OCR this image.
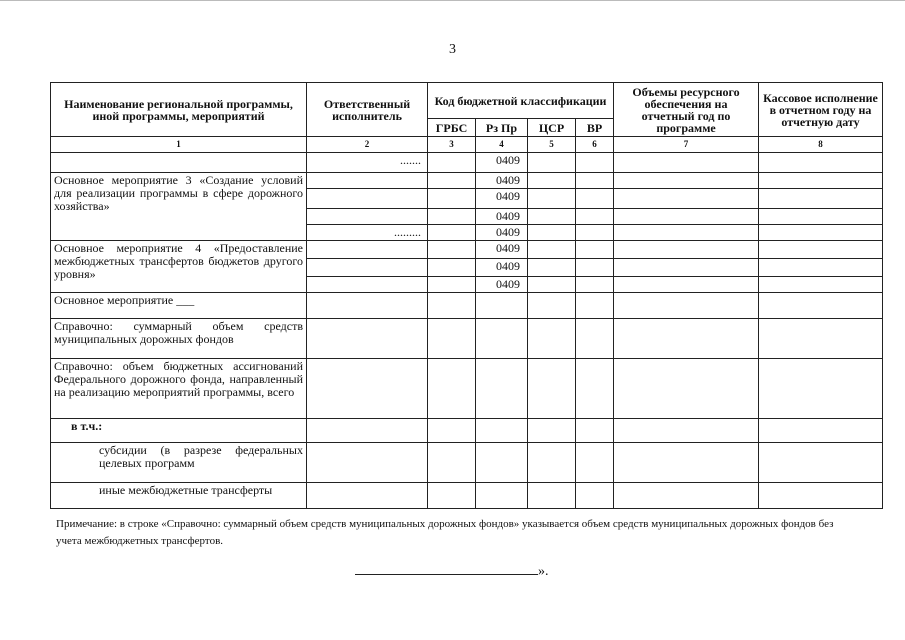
3
Наименование региональной программы, иной программы, мероприятий	Ответственный исполнитель	Код бюджетной классификации				Объемы ресурсного обеспечения на отчетный год по программе	Кассовое исполнение в отчетном году на отчетную дату
		ГРБС	Рз Пр	ЦСР	ВР		
1	2	3	4	5	6	7	8
	.......		0409				
Основное мероприятие 3 «Создание условий для реализации программы в сфере дорожного хозяйства»			0409				
			0409				
			0409				
	.........		0409				
Основное мероприятие 4 «Предоставление межбюджетных трансфертов бюджетов другого уровня»			0409				
			0409				
			0409				
Основное мероприятие ___							
Справочно: суммарный объем средств муниципальных дорожных фондов							
Справочно: объем бюджетных ассигнований Федерального дорожного фонда, направленный на реализацию мероприятий программы, всего							
в т.ч.:							
субсидии (в разрезе федеральных целевых программ							
иные межбюджетные трансферты							
Примечание: в строке «Справочно: суммарный объем средств муниципальных дорожных фондов» указывается объем средств муниципальных дорожных фондов без учета межбюджетных трансфертов.
».
